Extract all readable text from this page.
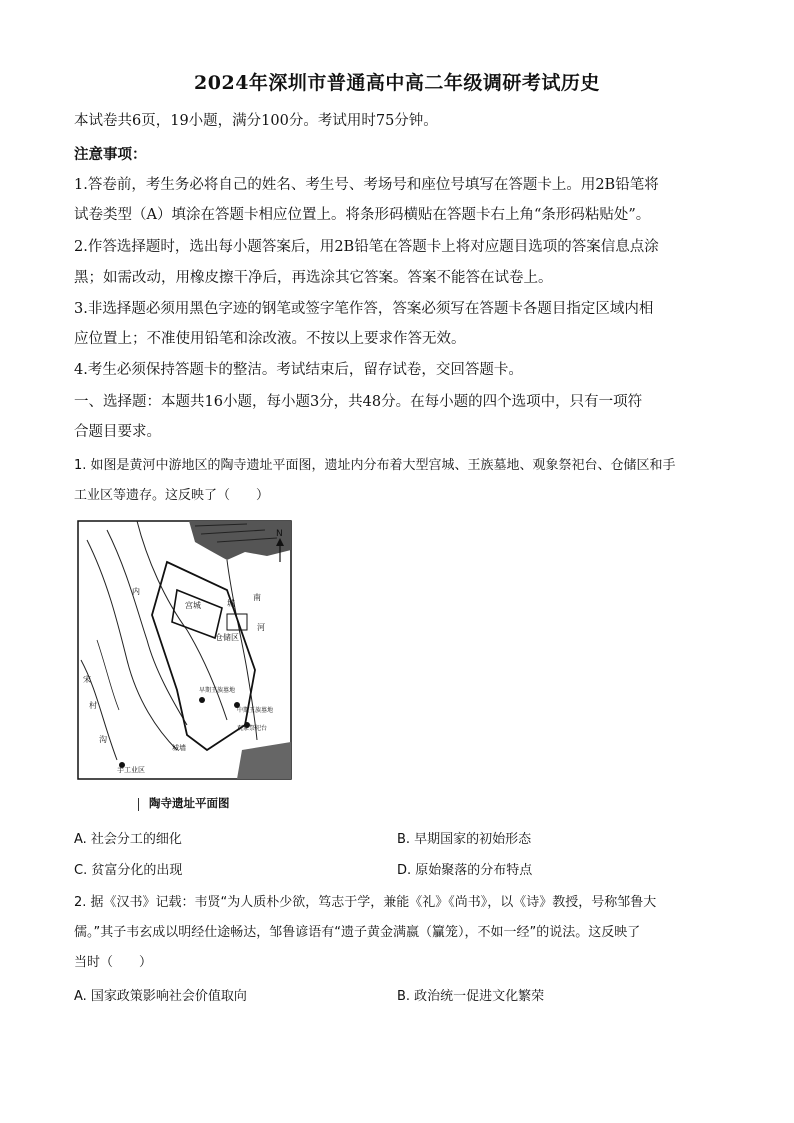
2024年深圳市普通高中高二年级调研考试历史
本试卷共6页，19小题，满分100分。考试用时75分钟。
注意事项：
1.答卷前，考生务必将自己的姓名、考生号、考场号和座位号填写在答题卡上。用2B铅笔将
试卷类型（A）填涂在答题卡相应位置上。将条形码横贴在答题卡右上角“条形码粘贴处”。
2.作答选择题时，选出每小题答案后，用2B铅笔在答题卡上将对应题目选项的答案信息点涂
黑；如需改动，用橡皮擦干净后，再选涂其它答案。答案不能答在试卷上。
3.非选择题必须用黑色字迹的钢笔或签字笔作答，答案必须写在答题卡各题目指定区域内相
应位置上；不准使用铅笔和涂改液。不按以上要求作答无效。
4.考生必须保持答题卡的整洁。考试结束后，留存试卷，交回答题卡。
一、选择题：本题共16小题，每小题3分，共48分。在每小题的四个选项中，只有一项符
合题目要求。
1. 如图是黄河中游地区的陶寺遗址平面图，遗址内分布着大型宫城、王族墓地、观象祭祀台、仓储区和手
工业区等遗存。这反映了（　　）
N
宫城	城
仓储区
河
南
内
宋
村
沟
早期王族墓地
中期王族墓地
观象祭祀台
城墙
手工业区
陶寺遗址平面图
A. 社会分工的细化	B. 早期国家的初始形态
C. 贫富分化的出现	D. 原始聚落的分布特点
2. 据《汉书》记载：韦贤“为人质朴少欲，笃志于学，兼能《礼》《尚书》，以《诗》教授，号称邹鲁大
儒。”其子韦玄成以明经仕途畅达，邹鲁谚语有“遗子黄金满嬴（籯笼），不如一经”的说法。这反映了
当时（　　）
A. 国家政策影响社会价值取向	B. 政治统一促进文化繁荣
